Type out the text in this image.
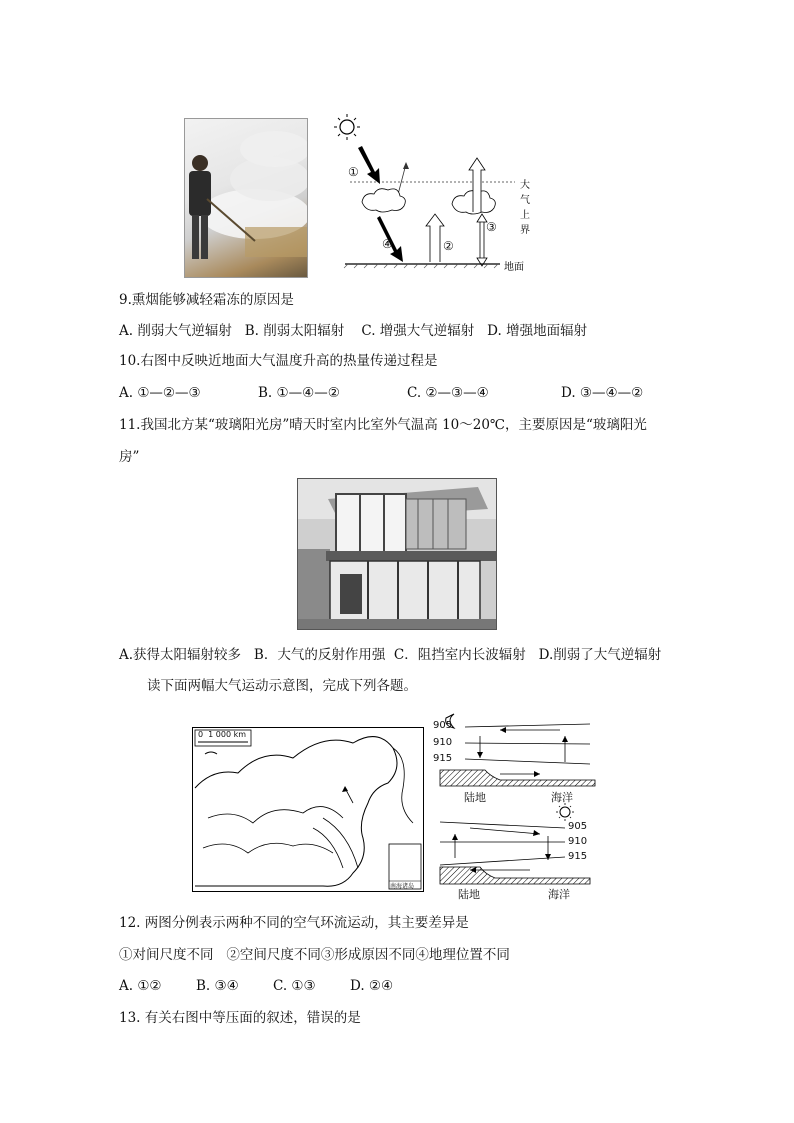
①
②
③
④
大气上界
地面
9.熏烟能够减轻霜冻的原因是
A. 削弱大气逆辐射   B. 削弱太阳辐射    C. 增强大气逆辐射   D. 增强地面辐射
10.右图中反映近地面大气温度升高的热量传递过程是
A. ①—②—③	B. ①—④—②	C. ②—③—④	D. ③—④—②
11.我国北方某“玻璃阳光房”晴天时室内比室外气温高 10～20℃，主要原因是“玻璃阳光
房”
A.获得太阳辐射较多   B．大气的反射作用强  C．阻挡室内长波辐射   D.削弱了大气逆辐射
读下面两幅大气运动示意图，完成下列各题。
0  1 000 km
南海诸岛
905
910
915
陆地	海洋
905
910
915
陆地	海洋
12. 两图分例表示两种不同的空气环流运动，其主要差异是
①对间尺度不同   ②空间尺度不同③形成原因不同④地理位置不同
A. ①②	B. ③④	C. ①③	D. ②④
13. 有关右图中等压面的叙述，错误的是
